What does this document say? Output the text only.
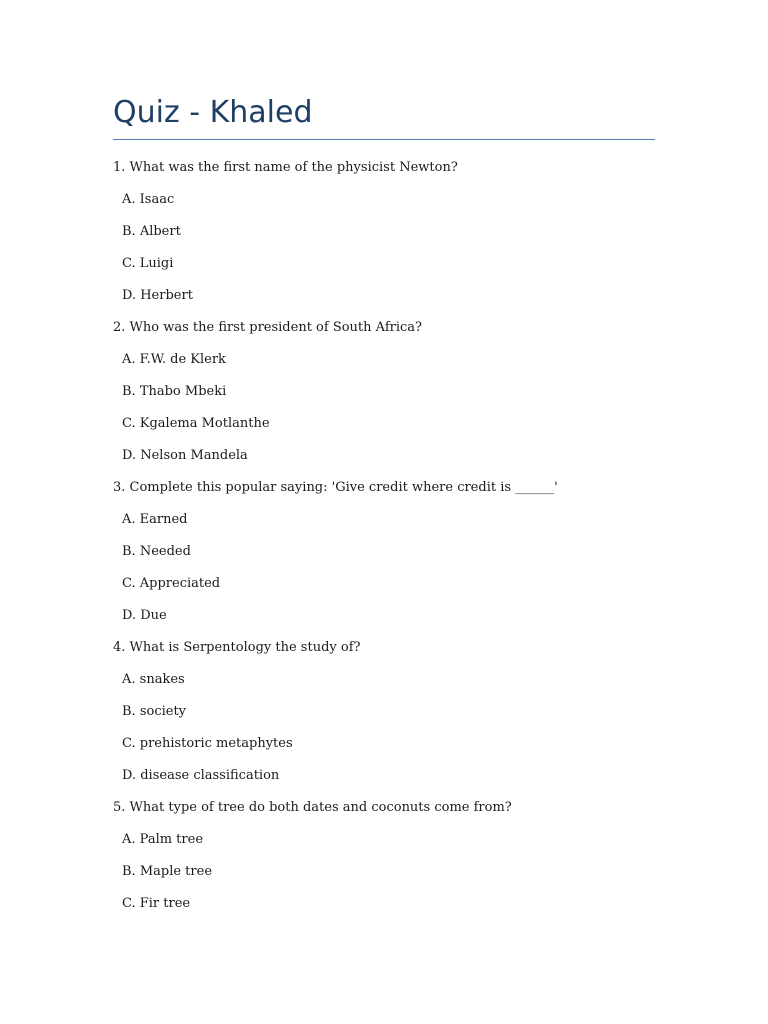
Quiz - Khaled
1. What was the first name of the physicist Newton?
A. Isaac
B. Albert
C. Luigi
D. Herbert
2. Who was the first president of South Africa?
A. F.W. de Klerk
B. Thabo Mbeki
C. Kgalema Motlanthe
D. Nelson Mandela
3. Complete this popular saying: 'Give credit where credit is ______'
A. Earned
B. Needed
C. Appreciated
D. Due
4. What is Serpentology the study of?
A. snakes
B. society
C. prehistoric metaphytes
D. disease classification
5. What type of tree do both dates and coconuts come from?
A. Palm tree
B. Maple tree
C. Fir tree
